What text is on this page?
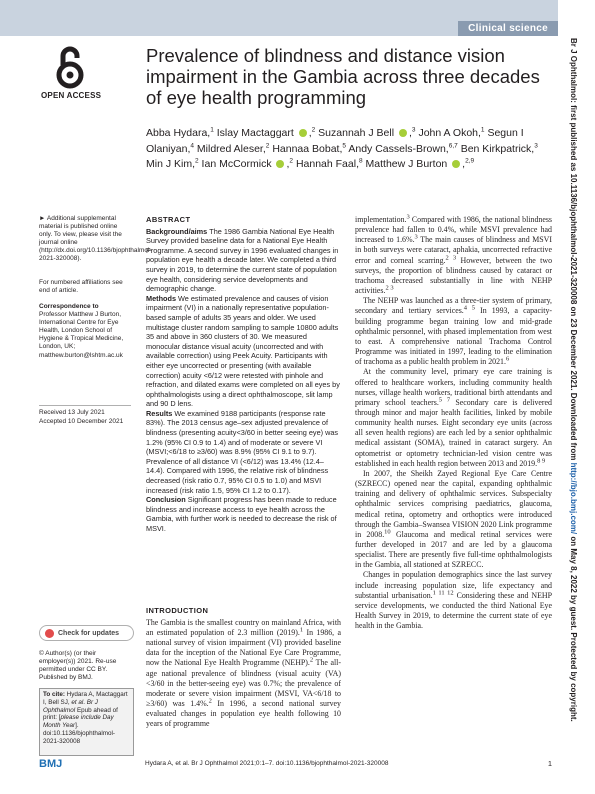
Clinical science
OPEN ACCESS
Prevalence of blindness and distance vision impairment in the Gambia across three decades of eye health programming
Abba Hydara,$^1$ Islay Mactaggart ,$^2$ Suzannah J Bell ,$^3$ John A Okoh,$^1$ Segun I Olaniyan,$^4$ Mildred Aleser,$^2$ Hannaa Bobat,$^5$ Andy Cassels-Brown,$^{6,7}$ Ben Kirkpatrick,$^3$ Min J Kim,$^2$ Ian McCormick ,$^2$ Hannah Faal,$^8$ Matthew J Burton ,$^{2,9}$
► Additional supplemental material is published online only. To view, please visit the journal online (http://dx.doi.org/10.1136/bjophthalmol-2021-320008).
For numbered affiliations see end of article.
Correspondence to
Professor Matthew J Burton, International Centre for Eye Health, London School of Hygiene & Tropical Medicine, London, UK; matthew.burton@lshtm.ac.uk
Received 13 July 2021
Accepted 10 December 2021
Check for updates
© Author(s) (or their employer(s)) 2021. Re-use permitted under CC BY. Published by BMJ.
To cite: Hydara A, Mactaggart I, Bell SJ, et al. Br J Ophthalmol Epub ahead of print: [please include Day Month Year]. doi:10.1136/bjophthalmol-2021-320008
ABSTRACT

Background/aims The 1986 Gambia National Eye Health Survey provided baseline data for a National Eye Health Programme. A second survey in 1996 evaluated changes in population eye health a decade later. We completed a third survey in 2019, to determine the current state of population eye health, considering service developments and demographic change.

Methods We estimated prevalence and causes of vision impairment (VI) in a nationally representative population-based sample of adults 35 years and older. We used multistage cluster random sampling to sample 10800 adults 35 and above in 360 clusters of 30. We measured monocular distance visual acuity (uncorrected and with available correction) using Peek Acuity. Participants with either eye uncorrected or presenting (with available correction) acuity <6/12 were retested with pinhole and refraction, and dilated exams were completed on all eyes by ophthalmologists using a direct ophthalmoscope, slit lamp and 90 D lens.

Results We examined 9188 participants (response rate 83%). The 2013 census age–sex adjusted prevalence of blindness (presenting acuity<3/60 in better seeing eye) was 1.2% (95% CI 0.9 to 1.4) and of moderate or severe VI (MSVI;<6/18 to ≥3/60) was 8.9% (95% CI 9.1 to 9.7). Prevalence of all distance VI (<6/12) was 13.4% (12.4–14.4). Compared with 1996, the relative risk of blindness decreased (risk ratio 0.7, 95% CI 0.5 to 1.0) and MSVI increased (risk ratio 1.5, 95% CI 1.2 to 0.17).

Conclusion Significant progress has been made to reduce blindness and increase access to eye health across the Gambia, with further work is needed to decrease the risk of MSVI.

INTRODUCTION
The Gambia is the smallest country on mainland Africa, with an estimated population of 2.3 million (2019).$^1$ In 1986, a national survey of vision impairment (VI) provided baseline data for the inception of the National Eye Care Programme, now the National Eye Health Programme (NEHP).$^2$ The all-age national prevalence of blindness (visual acuity (VA)<3/60 in the better-seeing eye) was 0.7%; the prevalence of moderate or severe vision impairment (MSVI, VA<6/18 to ≥3/60) was 1.4%.$^2$ In 1996, a second national survey evaluated changes in population eye health following 10 years of programme

implementation.$^3$ Compared with 1986, the national blindness prevalence had fallen to 0.4%, while MSVI prevalence had increased to 1.6%.$^3$ The main causes of blindness and MSVI in both surveys were cataract, aphakia, uncorrected refractive error and corneal scarring.$^{2 3}$ However, between the two surveys, the proportion of blindness caused by cataract or trachoma decreased substantially in line with NEHP activities.$^{2 3}$

The NEHP was launched as a three-tier system of primary, secondary and tertiary services.$^{4 5}$ In 1993, a capacity-building programme began training low and mid-grade ophthalmic personnel, with phased implementation from west to east. A comprehensive national Trachoma Control Programme was initiated in 1997, leading to the elimination of trachoma as a public health problem in 2021.$^6$

At the community level, primary eye care training is offered to healthcare workers, including community health nurses, village health workers, traditional birth attendants and primary school teachers.$^{5 7}$ Secondary care is delivered through minor and major health facilities, linked by mobile community health nurses. Eight secondary eye units (across all seven health regions) are each led by a senior ophthalmic medical assistant (SOMA), trained in cataract surgery. An optometrist or optometry technician-led vision centre was established in each health region between 2013 and 2019.$^{8 9}$

In 2007, the Sheikh Zayed Regional Eye Care Centre (SZRECC) opened near the capital, expanding ophthalmic training and delivery of ophthalmic services. Subspecialty ophthalmic services comprising paediatrics, glaucoma, medical retina, optometry and orthoptics were introduced through the Gambia–Swansea VISION 2020 Link programme in 2008.10 Glaucoma and medical retinal services were further developed in 2017 and are led by a glaucoma specialist. There are presently five full-time ophthalmologists in the Gambia, all stationed at SZRECC.

Changes in population demographics since the last survey include increasing population size, life expectancy and substantial urbanisation.$^{1 11 12}$ Considering these and NEHP service developments, we conducted the third National Eye Health Survey in 2019, to determine the current state of eye health in the Gambia.

Br J Ophthalmol: first published as 10.1136/bjophthalmol-2021-320008 on 23 December 2021. Downloaded from http://bjo.bmj.com/ on May 8, 2022 by guest. Protected by copyright.
BMJ	Hydara A, et al. Br J Ophthalmol 2021;0:1–7. doi:10.1136/bjophthalmol-2021-320008	1
